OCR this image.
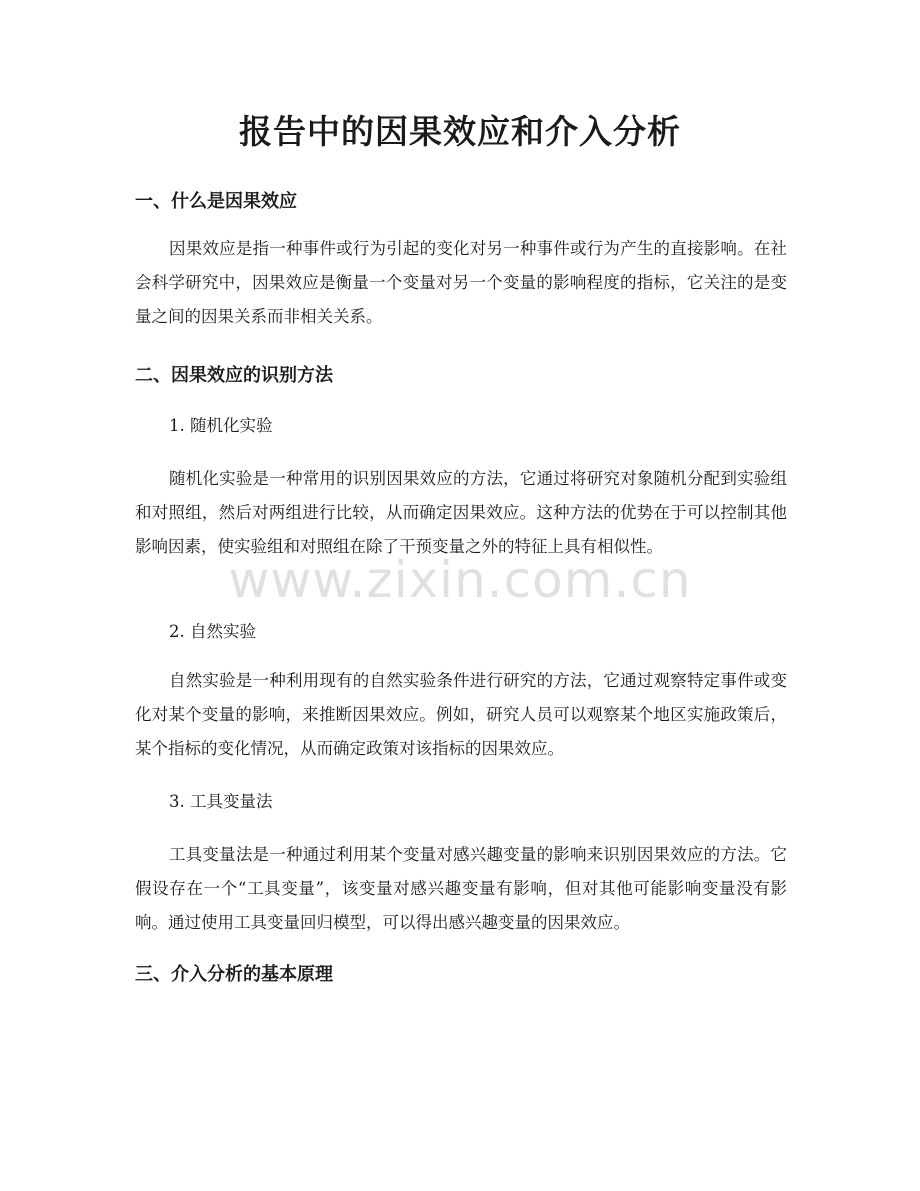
报告中的因果效应和介入分析
一、什么是因果效应

因果效应是指一种事件或行为引起的变化对另一种事件或行为产生的直接影响。在社会科学研究中，因果效应是衡量一个变量对另一个变量的影响程度的指标，它关注的是变量之间的因果关系而非相关关系。

二、因果效应的识别方法

1. 随机化实验

随机化实验是一种常用的识别因果效应的方法，它通过将研究对象随机分配到实验组和对照组，然后对两组进行比较，从而确定因果效应。这种方法的优势在于可以控制其他影响因素，使实验组和对照组在除了干预变量之外的特征上具有相似性。

2. 自然实验

自然实验是一种利用现有的自然实验条件进行研究的方法，它通过观察特定事件或变化对某个变量的影响，来推断因果效应。例如，研究人员可以观察某个地区实施政策后，某个指标的变化情况，从而确定政策对该指标的因果效应。

3. 工具变量法

工具变量法是一种通过利用某个变量对感兴趣变量的影响来识别因果效应的方法。它假设存在一个“工具变量”，该变量对感兴趣变量有影响，但对其他可能影响变量没有影响。通过使用工具变量回归模型，可以得出感兴趣变量的因果效应。

三、介入分析的基本原理
www.zixin.com.cn
